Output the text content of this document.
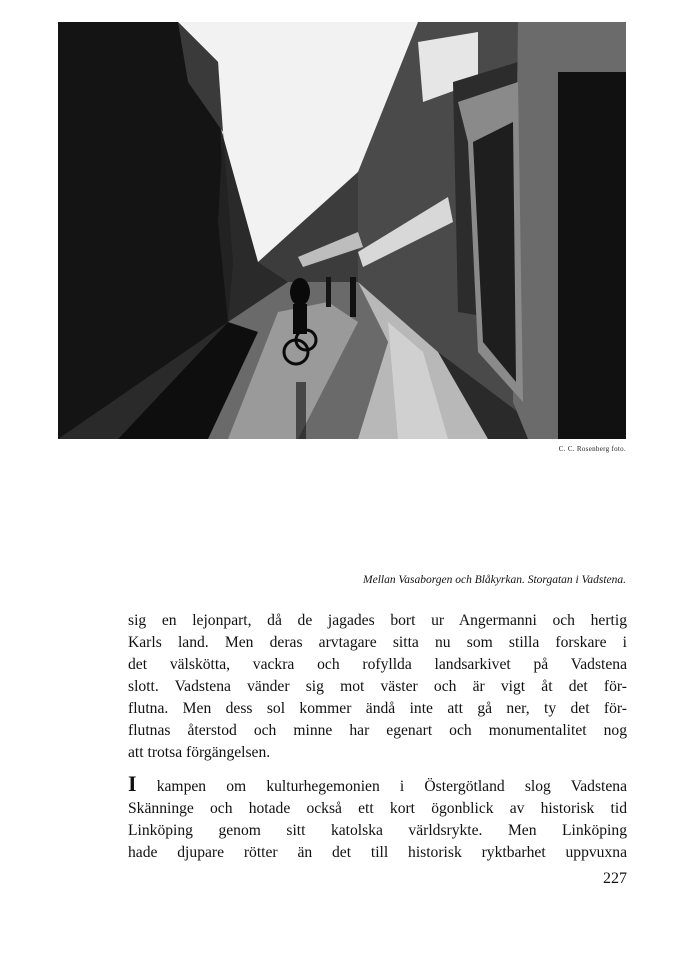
C. C. Rosenberg foto.
Mellan Vasaborgen och Blåkyrkan. Storgatan i Vadstena.
sig en lejonpart, då de jagades bort ur Angermanni och hertig
Karls land. Men deras arvtagare sitta nu som stilla forskare i
det välskötta, vackra och rofyllda landsarkivet på Vadstena
slott. Vadstena vänder sig mot väster och är vigt åt det för-
flutna. Men dess sol kommer ändå inte att gå ner, ty det för-
flutnas återstod och minne har egenart och monumentalitet nog
att trotsa förgängelsen.
I kampen om kulturhegemonien i Östergötland slog Vadstena
Skänninge och hotade också ett kort ögonblick av historisk tid
Linköping genom sitt katolska världsrykte. Men Linköping
hade djupare rötter än det till historisk ryktbarhet uppvuxna
227
